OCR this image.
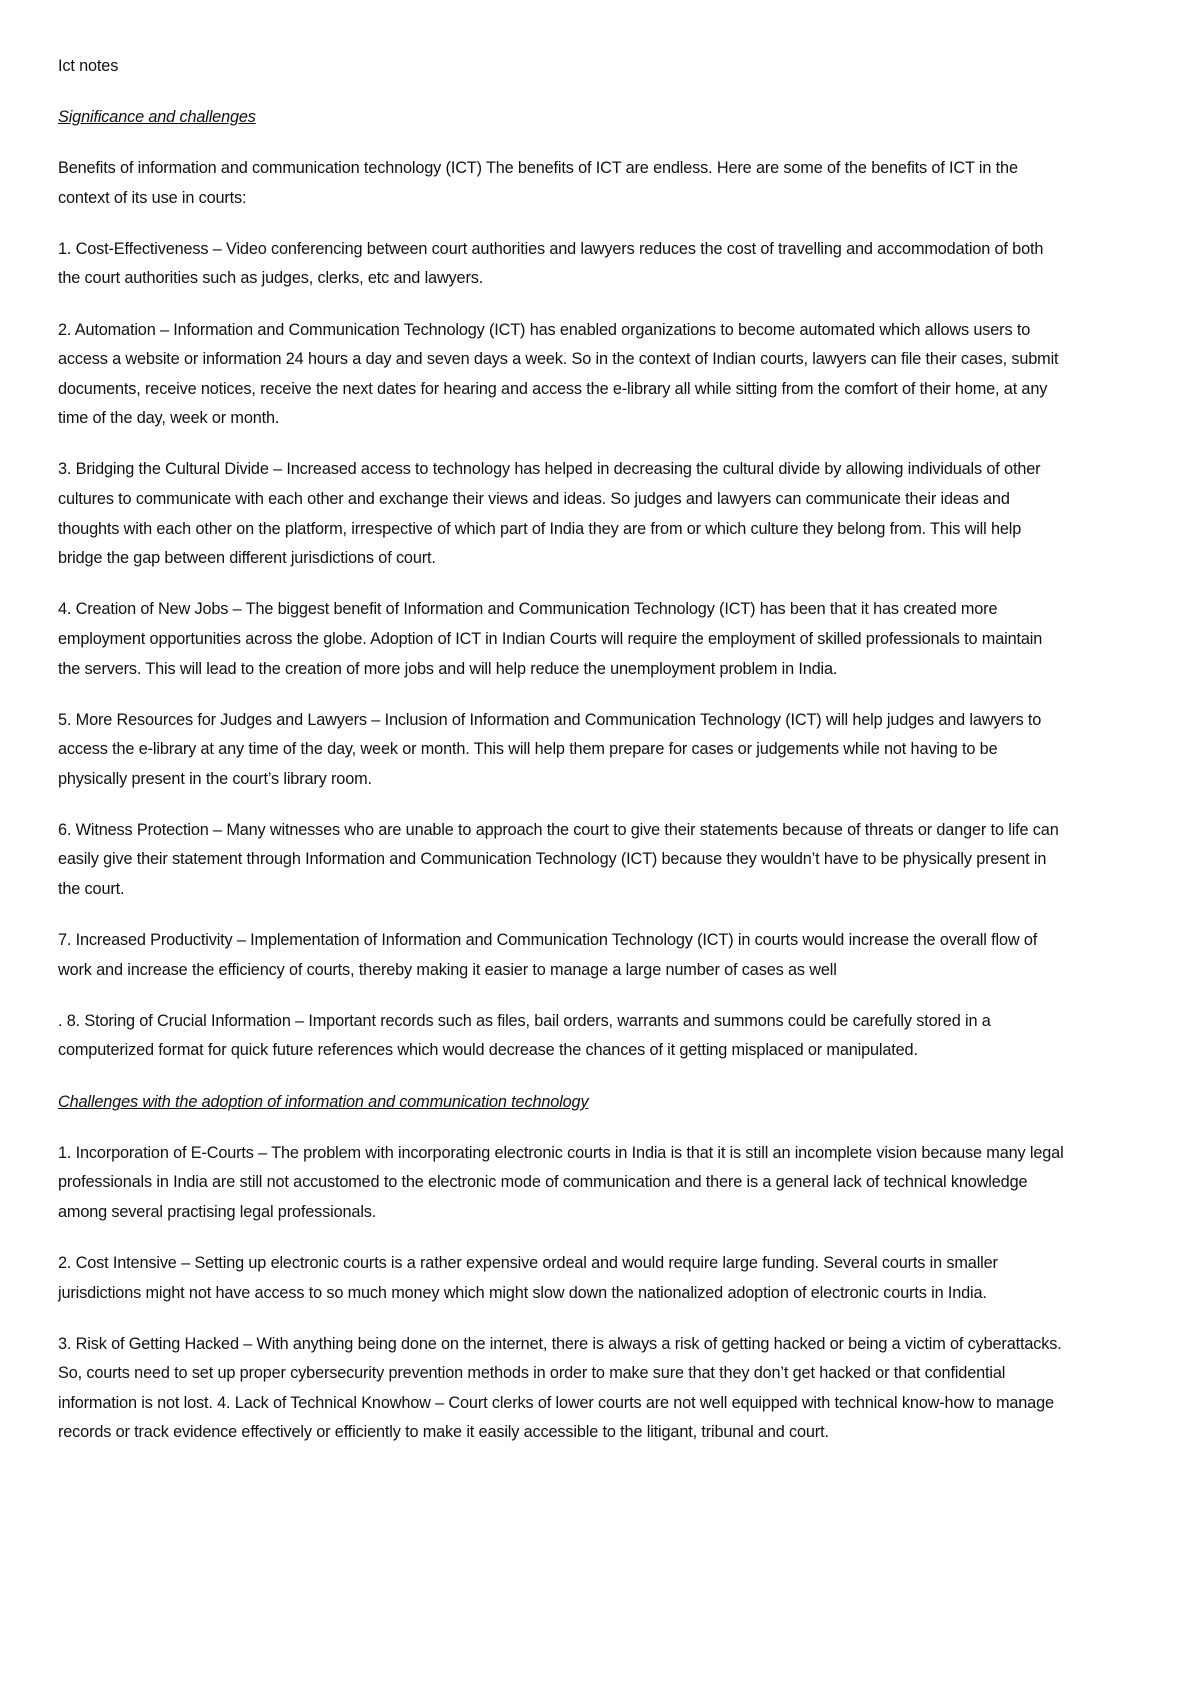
Ict notes

Significance and challenges

Benefits of information and communication technology (ICT) The benefits of ICT are endless. Here are some of the benefits of ICT in the context of its use in courts:

1. Cost-Effectiveness – Video conferencing between court authorities and lawyers reduces the cost of travelling and accommodation of both the court authorities such as judges, clerks, etc and lawyers.

2. Automation – Information and Communication Technology (ICT) has enabled organizations to become automated which allows users to access a website or information 24 hours a day and seven days a week. So in the context of Indian courts, lawyers can file their cases, submit documents, receive notices, receive the next dates for hearing and access the e-library all while sitting from the comfort of their home, at any time of the day, week or month.

3. Bridging the Cultural Divide – Increased access to technology has helped in decreasing the cultural divide by allowing individuals of other cultures to communicate with each other and exchange their views and ideas. So judges and lawyers can communicate their ideas and thoughts with each other on the platform, irrespective of which part of India they are from or which culture they belong from. This will help bridge the gap between different jurisdictions of court.

4. Creation of New Jobs – The biggest benefit of Information and Communication Technology (ICT) has been that it has created more employment opportunities across the globe. Adoption of ICT in Indian Courts will require the employment of skilled professionals to maintain the servers. This will lead to the creation of more jobs and will help reduce the unemployment problem in India.

5. More Resources for Judges and Lawyers – Inclusion of Information and Communication Technology (ICT) will help judges and lawyers to access the e-library at any time of the day, week or month. This will help them prepare for cases or judgements while not having to be physically present in the court’s library room.

6. Witness Protection – Many witnesses who are unable to approach the court to give their statements because of threats or danger to life can easily give their statement through Information and Communication Technology (ICT) because they wouldn’t have to be physically present in the court.

7. Increased Productivity – Implementation of Information and Communication Technology (ICT) in courts would increase the overall flow of work and increase the efficiency of courts, thereby making it easier to manage a large number of cases as well

. 8. Storing of Crucial Information – Important records such as files, bail orders, warrants and summons could be carefully stored in a computerized format for quick future references which would decrease the chances of it getting misplaced or manipulated.

Challenges with the adoption of information and communication technology

1. Incorporation of E-Courts – The problem with incorporating electronic courts in India is that it is still an incomplete vision because many legal professionals in India are still not accustomed to the electronic mode of communication and there is a general lack of technical knowledge among several practising legal professionals.

2. Cost Intensive – Setting up electronic courts is a rather expensive ordeal and would require large funding. Several courts in smaller jurisdictions might not have access to so much money which might slow down the nationalized adoption of electronic courts in India.

3. Risk of Getting Hacked – With anything being done on the internet, there is always a risk of getting hacked or being a victim of cyberattacks. So, courts need to set up proper cybersecurity prevention methods in order to make sure that they don’t get hacked or that confidential information is not lost. 4. Lack of Technical Knowhow – Court clerks of lower courts are not well equipped with technical know-how to manage records or track evidence effectively or efficiently to make it easily accessible to the litigant, tribunal and court.
